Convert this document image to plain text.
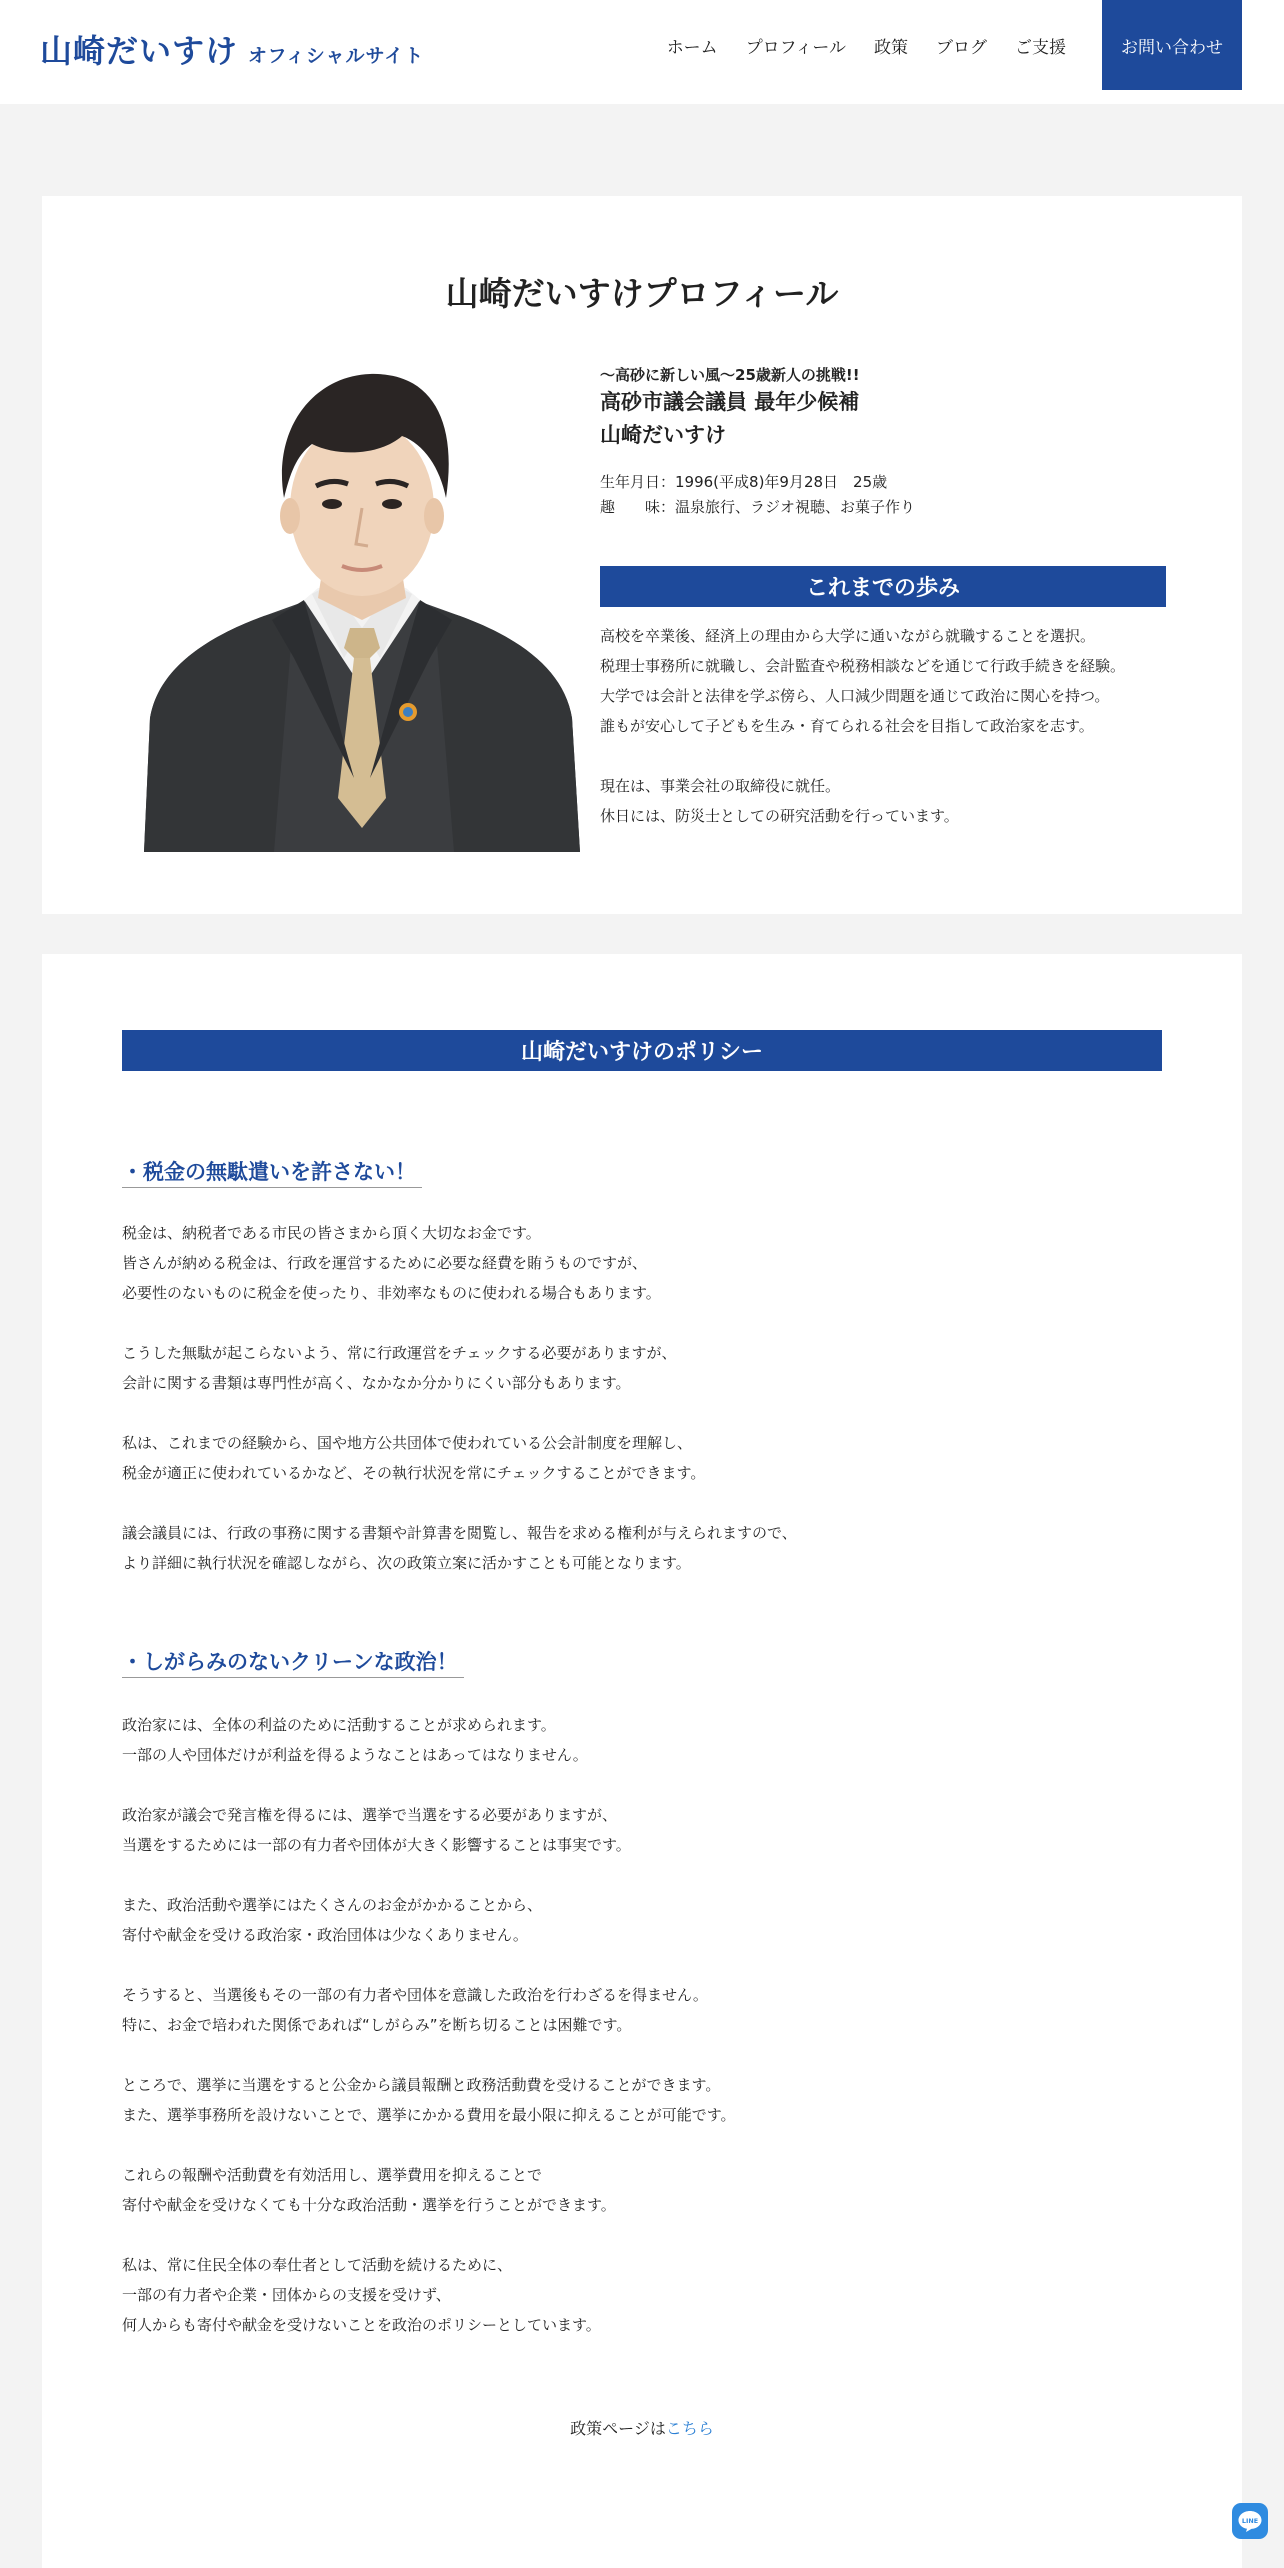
山崎だいすけ オフィシャルサイト	ホーム プロフィール 政策 ブログ ご支援	お問い合わせ
山崎だいすけプロフィール
～高砂に新しい風～25歳新人の挑戦!!
高砂市議会議員 最年少候補
山崎だいすけ
生年月日：1996(平成8)年9月28日　25歳
趣　　味：温泉旅行、ラジオ視聴、お菓子作り
これまでの歩み

高校を卒業後、経済上の理由から大学に通いながら就職することを選択。

税理士事務所に就職し、会計監査や税務相談などを通じて行政手続きを経験。

大学では会計と法律を学ぶ傍ら、人口減少問題を通じて政治に関心を持つ。

誰もが安心して子どもを生み・育てられる社会を目指して政治家を志す。

現在は、事業会社の取締役に就任。

休日には、防災士としての研究活動を行っています。

山崎だいすけのポリシー
・税金の無駄遣いを許さない！

税金は、納税者である市民の皆さまから頂く大切なお金です。

皆さんが納める税金は、行政を運営するために必要な経費を賄うものですが、

必要性のないものに税金を使ったり、非効率なものに使われる場合もあります。

こうした無駄が起こらないよう、常に行政運営をチェックする必要がありますが、

会計に関する書類は専門性が高く、なかなか分かりにくい部分もあります。

私は、これまでの経験から、国や地方公共団体で使われている公会計制度を理解し、

税金が適正に使われているかなど、その執行状況を常にチェックすることができます。

議会議員には、行政の事務に関する書類や計算書を閲覧し、報告を求める権利が与えられますので、

より詳細に執行状況を確認しながら、次の政策立案に活かすことも可能となります。

・しがらみのないクリーンな政治！

政治家には、全体の利益のために活動することが求められます。

一部の人や団体だけが利益を得るようなことはあってはなりません。

政治家が議会で発言権を得るには、選挙で当選をする必要がありますが、

当選をするためには一部の有力者や団体が大きく影響することは事実です。

また、政治活動や選挙にはたくさんのお金がかかることから、

寄付や献金を受ける政治家・政治団体は少なくありません。

そうすると、当選後もその一部の有力者や団体を意識した政治を行わざるを得ません。

特に、お金で培われた関係であれば“しがらみ”を断ち切ることは困難です。

ところで、選挙に当選をすると公金から議員報酬と政務活動費を受けることができます。

また、選挙事務所を設けないことで、選挙にかかる費用を最小限に抑えることが可能です。

これらの報酬や活動費を有効活用し、選挙費用を抑えることで

寄付や献金を受けなくても十分な政治活動・選挙を行うことができます。

私は、常に住民全体の奉仕者として活動を続けるために、

一部の有力者や企業・団体からの支援を受けず、

何人からも寄付や献金を受けないことを政治のポリシーとしています。

政策ページはこちら
LINE
